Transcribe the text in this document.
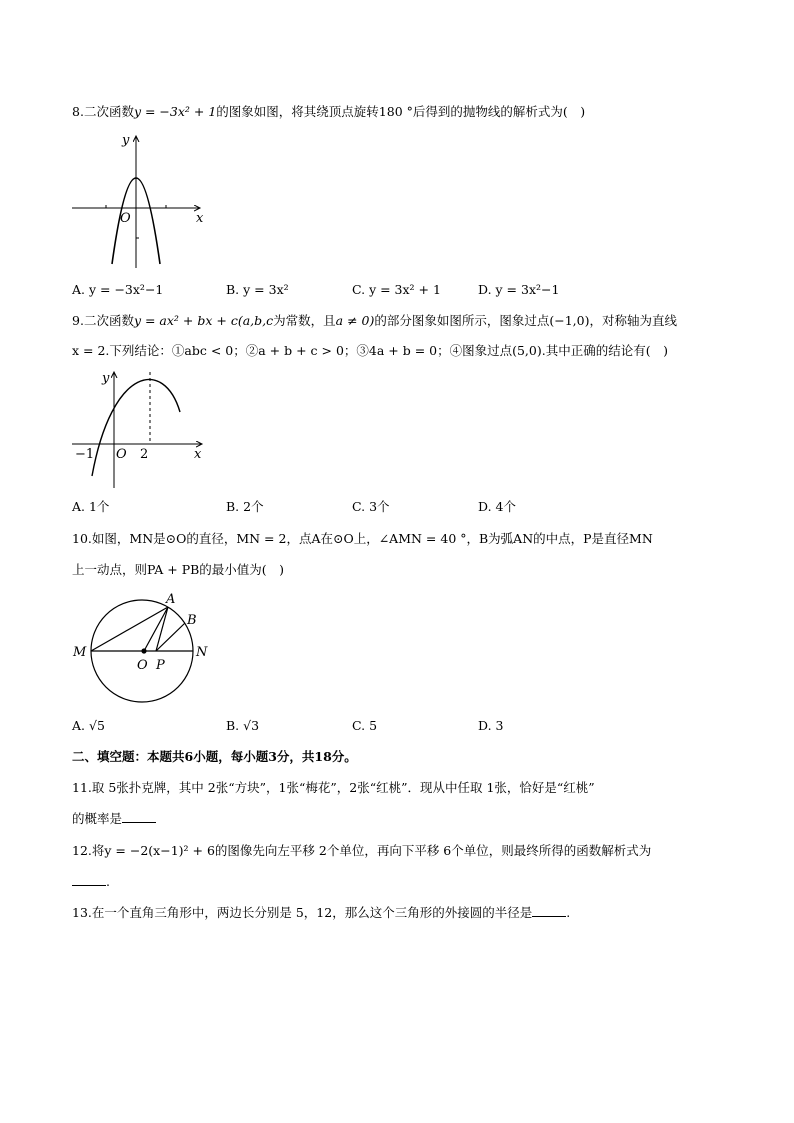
8.二次函数y = −3x² + 1的图象如图，将其绕顶点旋转180 °后得到的抛物线的解析式为(　)
y
x
O
A. y = −3x²−1	B. y = 3x²	C. y = 3x² + 1	D. y = 3x²−1
9.二次函数y = ax² + bx + c(a,b,c为常数，且a ≠ 0)的部分图象如图所示，图象过点(−1,0)，对称轴为直线
x = 2.下列结论：①abc < 0；②a + b + c > 0；③4a + b = 0；④图象过点(5,0).其中正确的结论有(　)
y
x
O
−1	2
A. 1个	B. 2个	C. 3个	D. 4个
10.如图，MN是⊙O的直径，MN = 2，点A在⊙O上，∠AMN = 40 °，B为弧AN的中点，P是直径MN
上一动点，则PA + PB的最小值为(　)
M	N
O P
A
B
A. √5	B. √3	C. 5	D. 3
二、填空题：本题共6小题，每小题3分，共18分。
11.取 5张扑克牌，其中 2张“方块”，1张“梅花”，2张“红桃”．现从中任取 1张，恰好是“红桃”
的概率是
12.将y = −2(x−1)² + 6的图像先向左平移 2个单位，再向下平移 6个单位，则最终所得的函数解析式为
.
13.在一个直角三角形中，两边长分别是 5，12，那么这个三角形的外接圆的半径是	.
